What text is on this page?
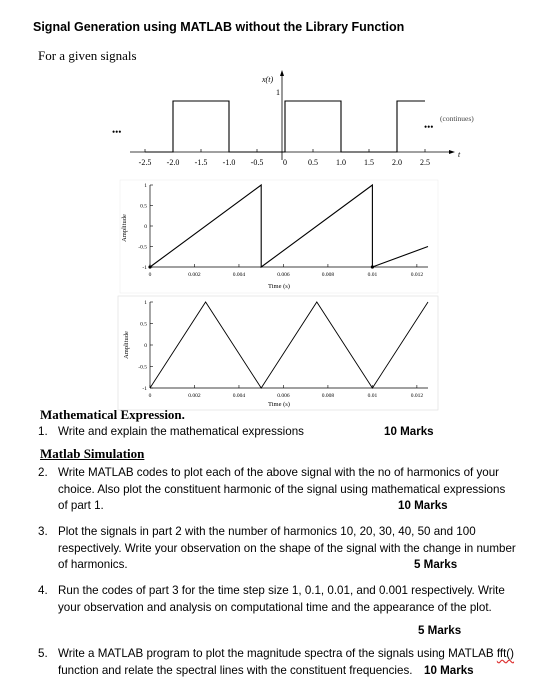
Signal Generation using MATLAB without the Library Function
For a given signals
x(t)
1
t
•••	•••
(continues)
-2.5 -2.0 -1.5 -1.0 -0.5 0	0.5 1.0 1.5 2.0 2.5
Amplitude
Time (s)
1
0.5
0
-0.5
-1
0	0.002	0.004	0.006	0.008	0.01	0.012
Amplitude
Time (s)
1
0.5
0
-0.5
-1
0	0.002	0.004	0.006	0.008	0.01	0.012
Mathematical Expression.
1. Write and explain the mathematical expressions	10 Marks
Matlab Simulation
2. Write MATLAB codes to plot each of the above signal with the no of harmonics of your
choice. Also plot the constituent harmonic of the signal using mathematical expressions
of part 1.	10 Marks
3. Plot the signals in part 2 with the number of harmonics 10, 20, 30, 40, 50 and 100
respectively. Write your observation on the shape of the signal with the change in number
of harmonics.	5 Marks
4. Run the codes of part 3 for the time step size 1, 0.1, 0.01, and 0.001 respectively. Write
your observation and analysis on computational time and the appearance of the plot.
5 Marks
5. Write a MATLAB program to plot the magnitude spectra of the signals using MATLAB fft()
function and relate the spectral lines with the constituent frequencies. 10 Marks
